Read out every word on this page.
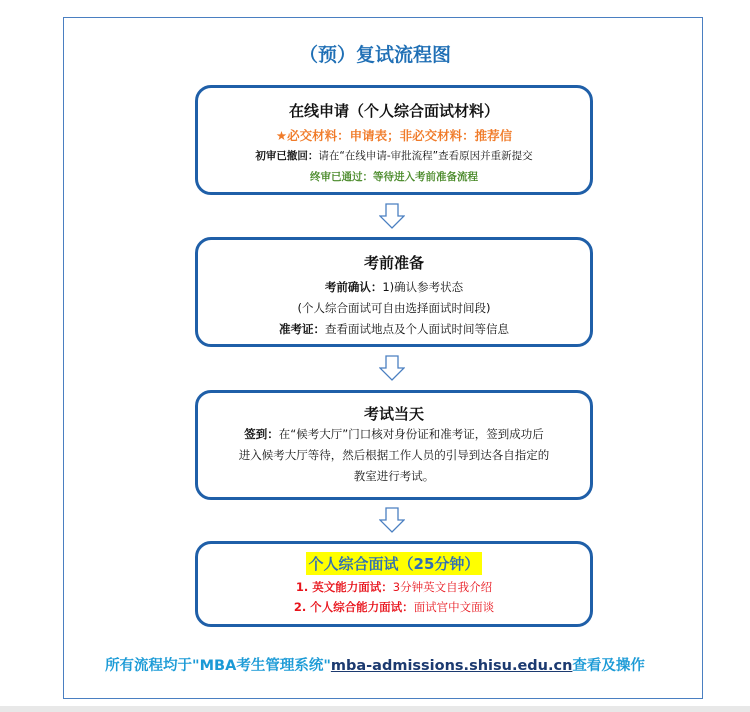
（预）复试流程图
在线申请（个人综合面试材料）
★必交材料：申请表；非必交材料：推荐信
初审已撤回：请在“在线申请-审批流程”查看原因并重新提交
终审已通过：等待进入考前准备流程
考前准备
考前确认：1)确认参考状态
(个人综合面试可自由选择面试时间段)
准考证：查看面试地点及个人面试时间等信息
考试当天
签到：在“候考大厅”门口核对身份证和准考证，签到成功后
进入候考大厅等待，然后根据工作人员的引导到达各自指定的
教室进行考试。
个人综合面试（25分钟）
1. 英文能力面试：3分钟英文自我介绍
2. 个人综合能力面试：面试官中文面谈
所有流程均于"MBA考生管理系统"mba-admissions.shisu.edu.cn查看及操作
